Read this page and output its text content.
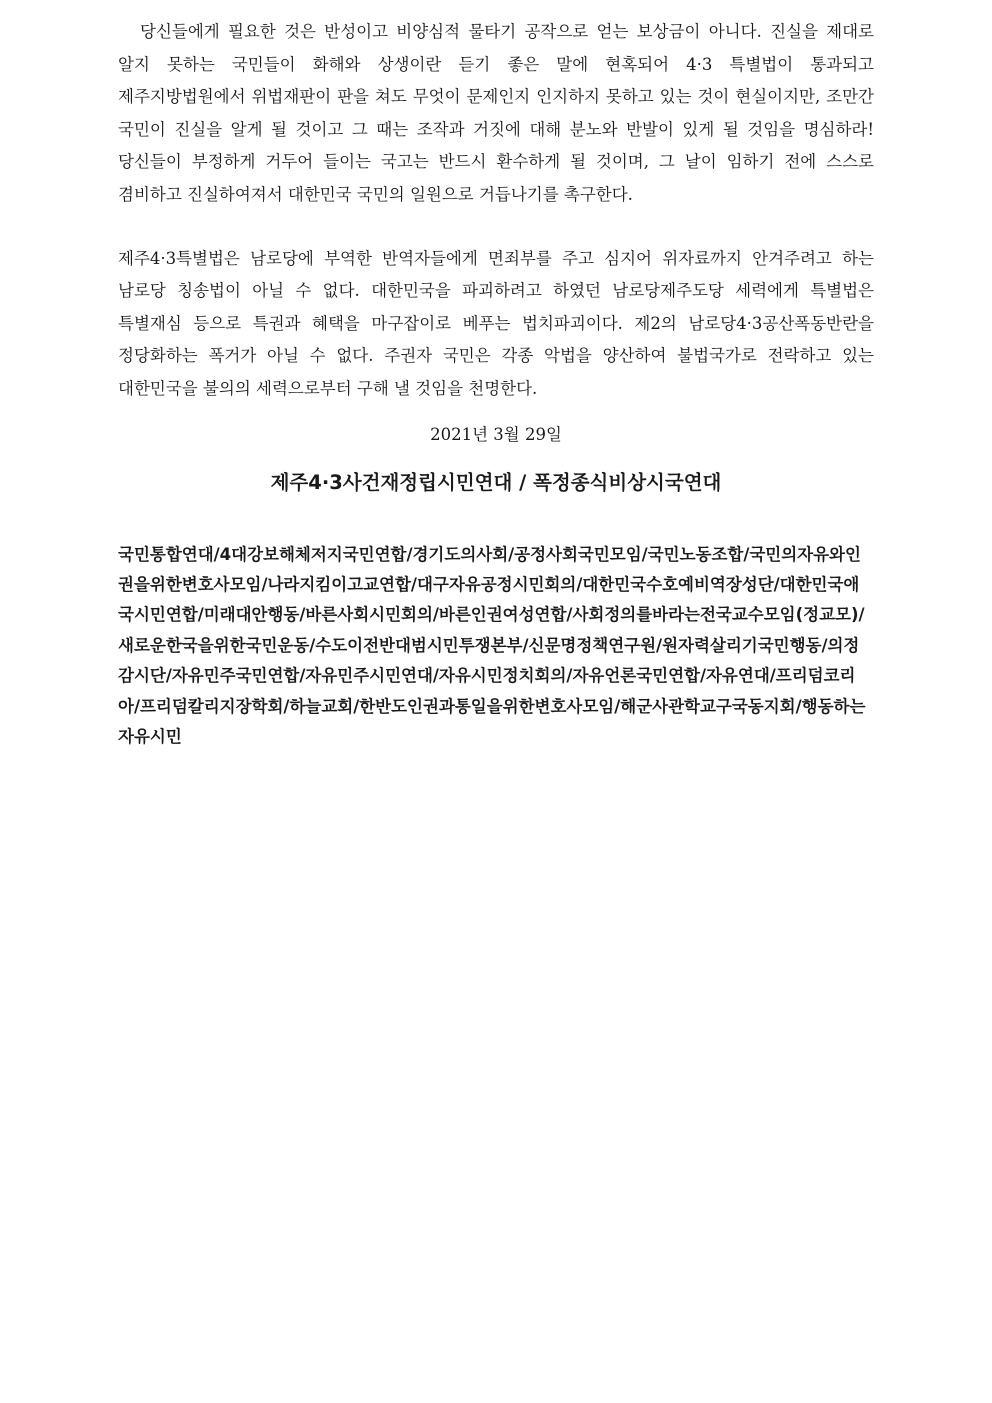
당신들에게 필요한 것은 반성이고 비양심적 물타기 공작으로 얻는 보상금이 아니다. 진실을 제대로 알지 못하는 국민들이 화해와 상생이란 듣기 좋은 말에 현혹되어 4·3 특별법이 통과되고 제주지방법원에서 위법재판이 판을 쳐도 무엇이 문제인지 인지하지 못하고 있는 것이 현실이지만, 조만간 국민이 진실을 알게 될 것이고 그 때는 조작과 거짓에 대해 분노와 반발이 있게 될 것임을 명심하라! 당신들이 부정하게 거두어 들이는 국고는 반드시 환수하게 될 것이며, 그 날이 임하기 전에 스스로 겸비하고 진실하여져서 대한민국 국민의 일원으로 거듭나기를 촉구한다.

제주4·3특별법은 남로당에 부역한 반역자들에게 면죄부를 주고 심지어 위자료까지 안겨주려고 하는 남로당 칭송법이 아닐 수 없다. 대한민국을 파괴하려고 하였던 남로당제주도당 세력에게 특별법은 특별재심 등으로 특권과 혜택을 마구잡이로 베푸는 법치파괴이다. 제2의 남로당4·3공산폭동반란을 정당화하는 폭거가 아닐 수 없다. 주권자 국민은 각종 악법을 양산하여 불법국가로 전락하고 있는 대한민국을 불의의 세력으로부터 구해 낼 것임을 천명한다.

2021년 3월 29일

제주4·3사건재정립시민연대 / 폭정종식비상시국연대

국민통합연대/4대강보해체저지국민연합/경기도의사회/공정사회국민모임/국민노동조합/국민의자유와인권을위한변호사모임/나라지킴이고교연합/대구자유공정시민회의/대한민국수호예비역장성단/대한민국애국시민연합/미래대안행동/바른사회시민회의/바른인권여성연합/사회정의를바라는전국교수모임(정교모)/새로운한국을위한국민운동/수도이전반대범시민투쟁본부/신문명정책연구원/원자력살리기국민행동/의정감시단/자유민주국민연합/자유민주시민연대/자유시민정치회의/자유언론국민연합/자유연대/프리덤코리아/프리덤칼리지장학회/하늘교회/한반도인권과통일을위한변호사모임/해군사관학교구국동지회/행동하는자유시민
